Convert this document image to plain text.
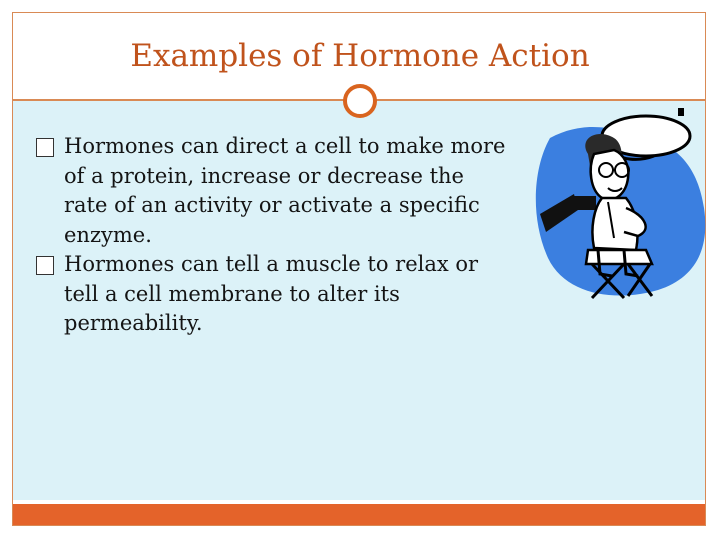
Examples of Hormone Action
Hormones can direct a cell to make more of a protein, increase or decrease the rate of an activity or activate a specific enzyme.
Hormones can tell a muscle to relax or tell a cell membrane to alter its permeability.
